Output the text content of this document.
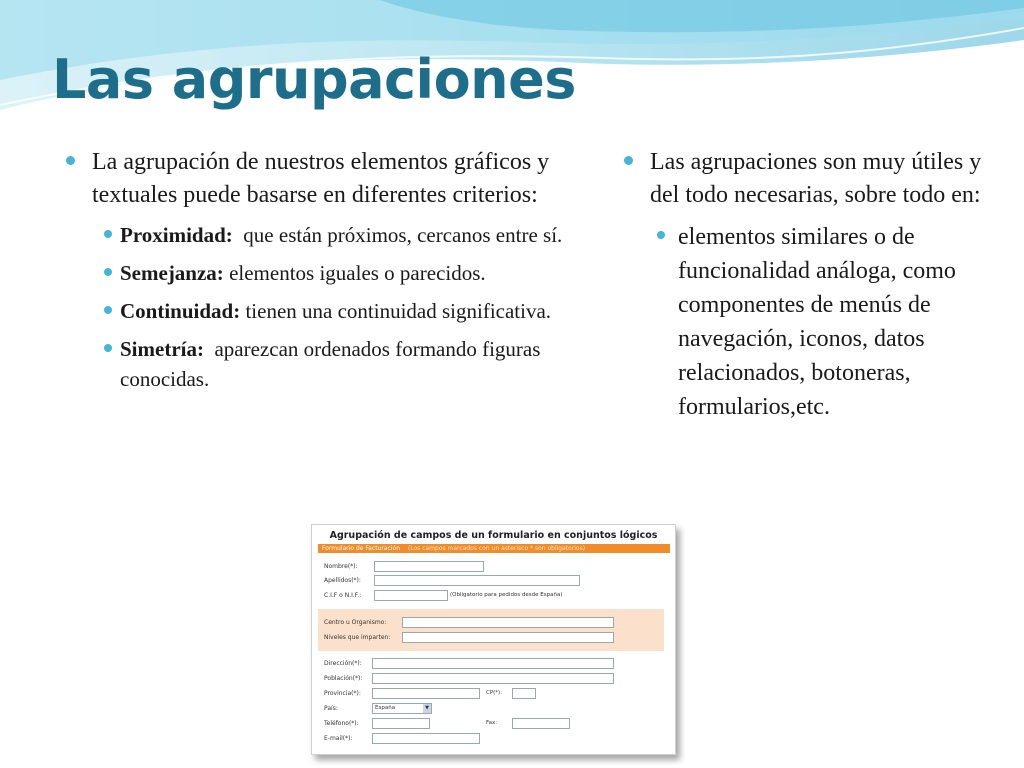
Las agrupaciones
La agrupación de nuestros elementos gráficos y textuales puede basarse en diferentes criterios:
Proximidad: que están próximos, cercanos entre sí.
Semejanza: elementos iguales o parecidos.
Continuidad: tienen una continuidad significativa.
Simetría: aparezcan ordenados formando figuras conocidas.
Las agrupaciones son muy útiles y del todo necesarias, sobre todo en:
elementos similares o de funcionalidad análoga, como componentes de menús de navegación, iconos, datos relacionados, botoneras, formularios,etc.
Agrupación de campos de un formulario en conjuntos lógicos
Formulario de Facturación (Los campos marcados con un asterisco * son obligatorios)
Nombre(*):
Apellidos(*):
C.I.F o N.I.F.:	(Obligatorio para pedidos desde España)
Centro u Organismo:
Niveles que imparten:
Dirección(*):
Población(*):
Provincia(*):	CP(*):
País:	España	▼
Teléfono(*):	Fax:
E-mail(*):
